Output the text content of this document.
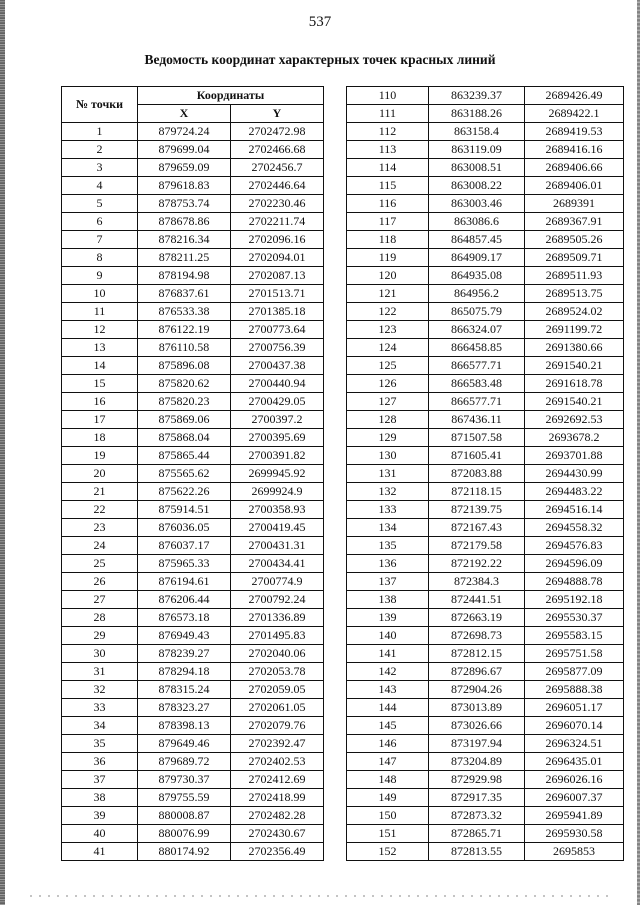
537
Ведомость координат характерных точек красных линий
№ точки	Координаты	
	X	Y
1	879724.24	2702472.98
2	879699.04	2702466.68
3	879659.09	2702456.7
4	879618.83	2702446.64
5	878753.74	2702230.46
6	878678.86	2702211.74
7	878216.34	2702096.16
8	878211.25	2702094.01
9	878194.98	2702087.13
10	876837.61	2701513.71
11	876533.38	2701385.18
12	876122.19	2700773.64
13	876110.58	2700756.39
14	875896.08	2700437.38
15	875820.62	2700440.94
16	875820.23	2700429.05
17	875869.06	2700397.2
18	875868.04	2700395.69
19	875865.44	2700391.82
20	875565.62	2699945.92
21	875622.26	2699924.9
22	875914.51	2700358.93
23	876036.05	2700419.45
24	876037.17	2700431.31
25	875965.33	2700434.41
26	876194.61	2700774.9
27	876206.44	2700792.24
28	876573.18	2701336.89
29	876949.43	2701495.83
30	878239.27	2702040.06
31	878294.18	2702053.78
32	878315.24	2702059.05
33	878323.27	2702061.05
34	878398.13	2702079.76
35	879649.46	2702392.47
36	879689.72	2702402.53
37	879730.37	2702412.69
38	879755.59	2702418.99
39	880008.87	2702482.28
40	880076.99	2702430.67
41	880174.92	2702356.49
110	863239.37	2689426.49
111	863188.26	2689422.1
112	863158.4	2689419.53
113	863119.09	2689416.16
114	863008.51	2689406.66
115	863008.22	2689406.01
116	863003.46	2689391
117	863086.6	2689367.91
118	864857.45	2689505.26
119	864909.17	2689509.71
120	864935.08	2689511.93
121	864956.2	2689513.75
122	865075.79	2689524.02
123	866324.07	2691199.72
124	866458.85	2691380.66
125	866577.71	2691540.21
126	866583.48	2691618.78
127	866577.71	2691540.21
128	867436.11	2692692.53
129	871507.58	2693678.2
130	871605.41	2693701.88
131	872083.88	2694430.99
132	872118.15	2694483.22
133	872139.75	2694516.14
134	872167.43	2694558.32
135	872179.58	2694576.83
136	872192.22	2694596.09
137	872384.3	2694888.78
138	872441.51	2695192.18
139	872663.19	2695530.37
140	872698.73	2695583.15
141	872812.15	2695751.58
142	872896.67	2695877.09
143	872904.26	2695888.38
144	873013.89	2696051.17
145	873026.66	2696070.14
146	873197.94	2696324.51
147	873204.89	2696435.01
148	872929.98	2696026.16
149	872917.35	2696007.37
150	872873.32	2695941.89
151	872865.71	2695930.58
152	872813.55	2695853
